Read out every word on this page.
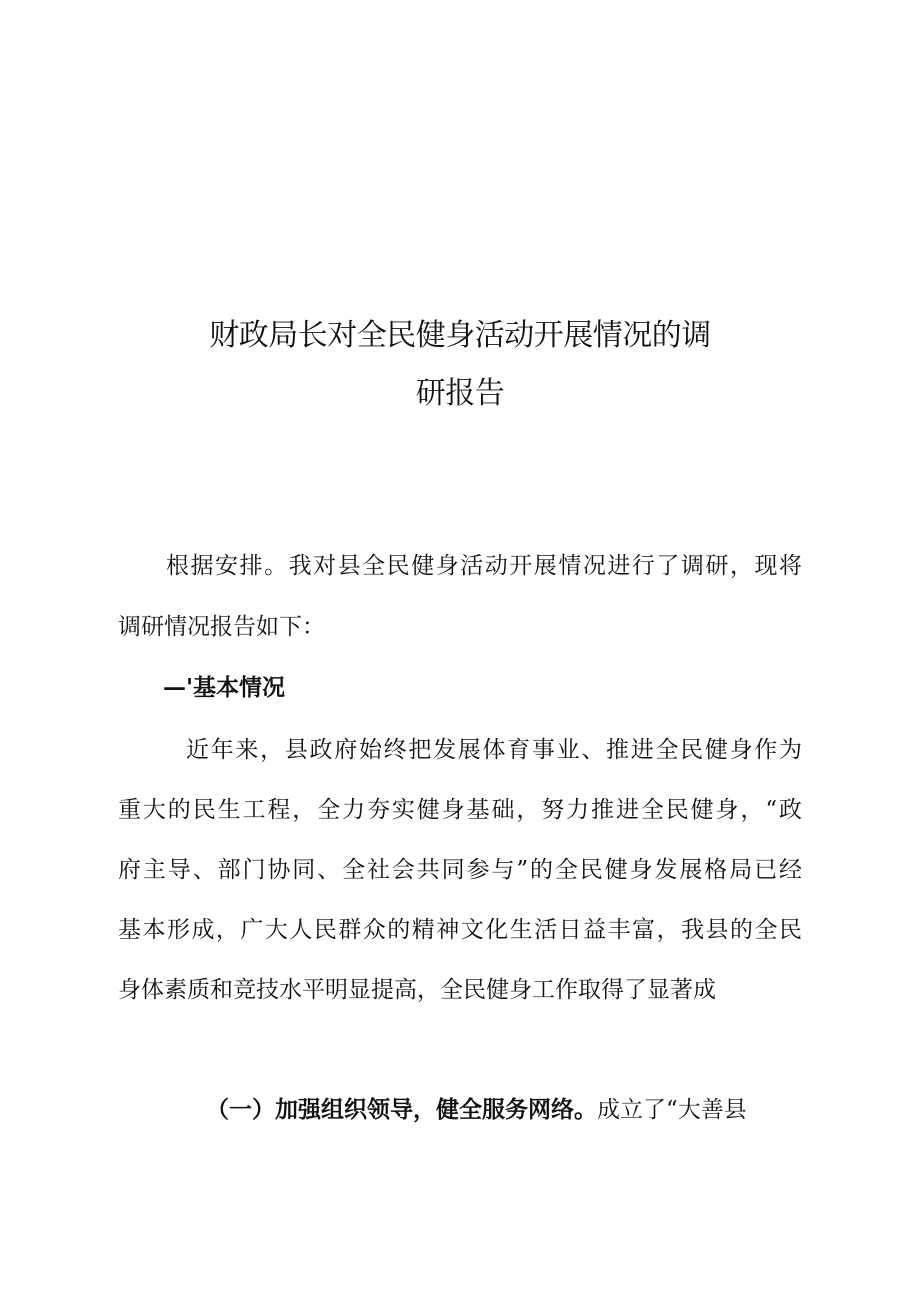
财政局长对全民健身活动开展情况的调
研报告

根据安排。我对县全民健身活动开展情况进行了调研，现将

调研情况报告如下：

—'基本情况

近年来，县政府始终把发展体育事业、推进全民健身作为

重大的民生工程，全力夯实健身基础，努力推进全民健身，“政

府主导、部门协同、全社会共同参与”的全民健身发展格局已经

基本形成，广大人民群众的精神文化生活日益丰富，我县的全民

身体素质和竞技水平明显提高，全民健身工作取得了显著成

（一）加强组织领导，健全服务网络。成立了“大善县
